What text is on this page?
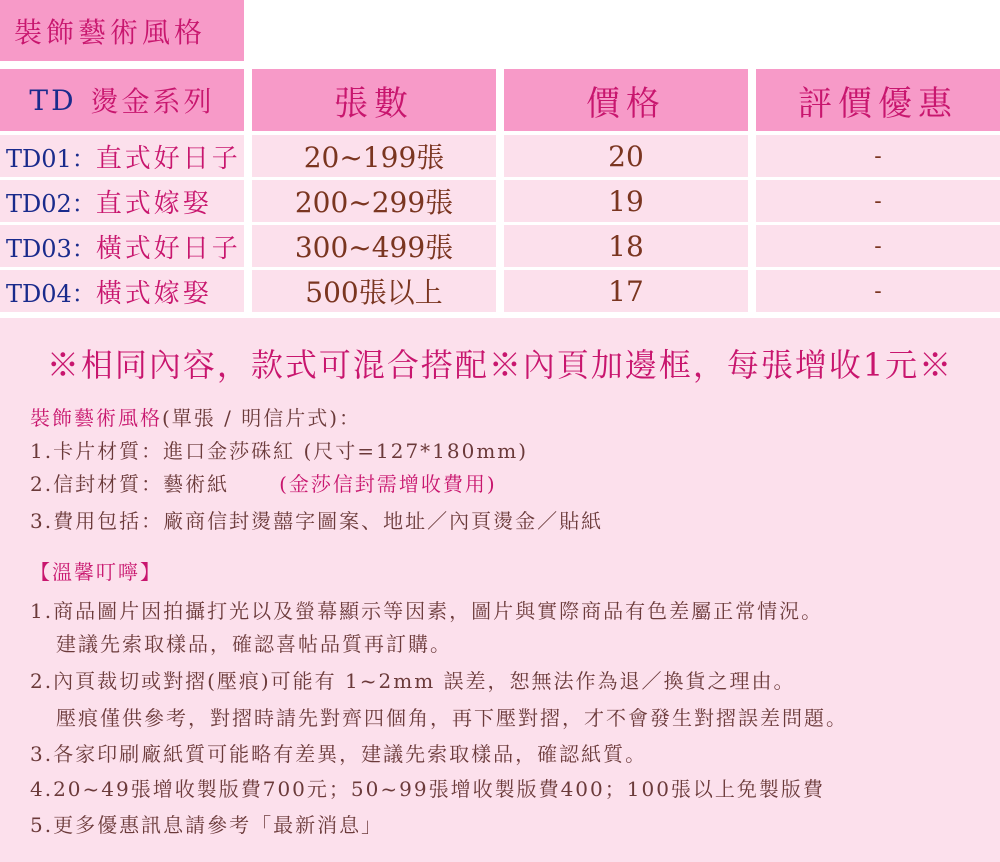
裝飾藝術風格
TD 燙金系列	張數	價格	評價優惠
TD01： 直式好日子	20~199張	20	-
TD02： 直式嫁娶	200~299張	19	-
TD03： 橫式好日子	300~499張	18	-
TD04： 橫式嫁娶	500張以上	17	-
※相同內容，款式可混合搭配※內頁加邊框，每張增收1元※
裝飾藝術風格(單張 / 明信片式)：
1.卡片材質：進口金莎硃紅 (尺寸=127*180mm)
2.信封材質：藝術紙	(金莎信封需增收費用)
3.費用包括：廠商信封燙囍字圖案、地址／內頁燙金／貼紙
【溫馨叮嚀】
1.商品圖片因拍攝打光以及螢幕顯示等因素，圖片與實際商品有色差屬正常情況。
建議先索取樣品，確認喜帖品質再訂購。
2.內頁裁切或對摺(壓痕)可能有 1~2mm 誤差，恕無法作為退／換貨之理由。
壓痕僅供參考，對摺時請先對齊四個角，再下壓對摺，才不會發生對摺誤差問題。
3.各家印刷廠紙質可能略有差異，建議先索取樣品，確認紙質。
4.20~49張增收製版費700元；50~99張增收製版費400；100張以上免製版費
5.更多優惠訊息請參考「最新消息」
